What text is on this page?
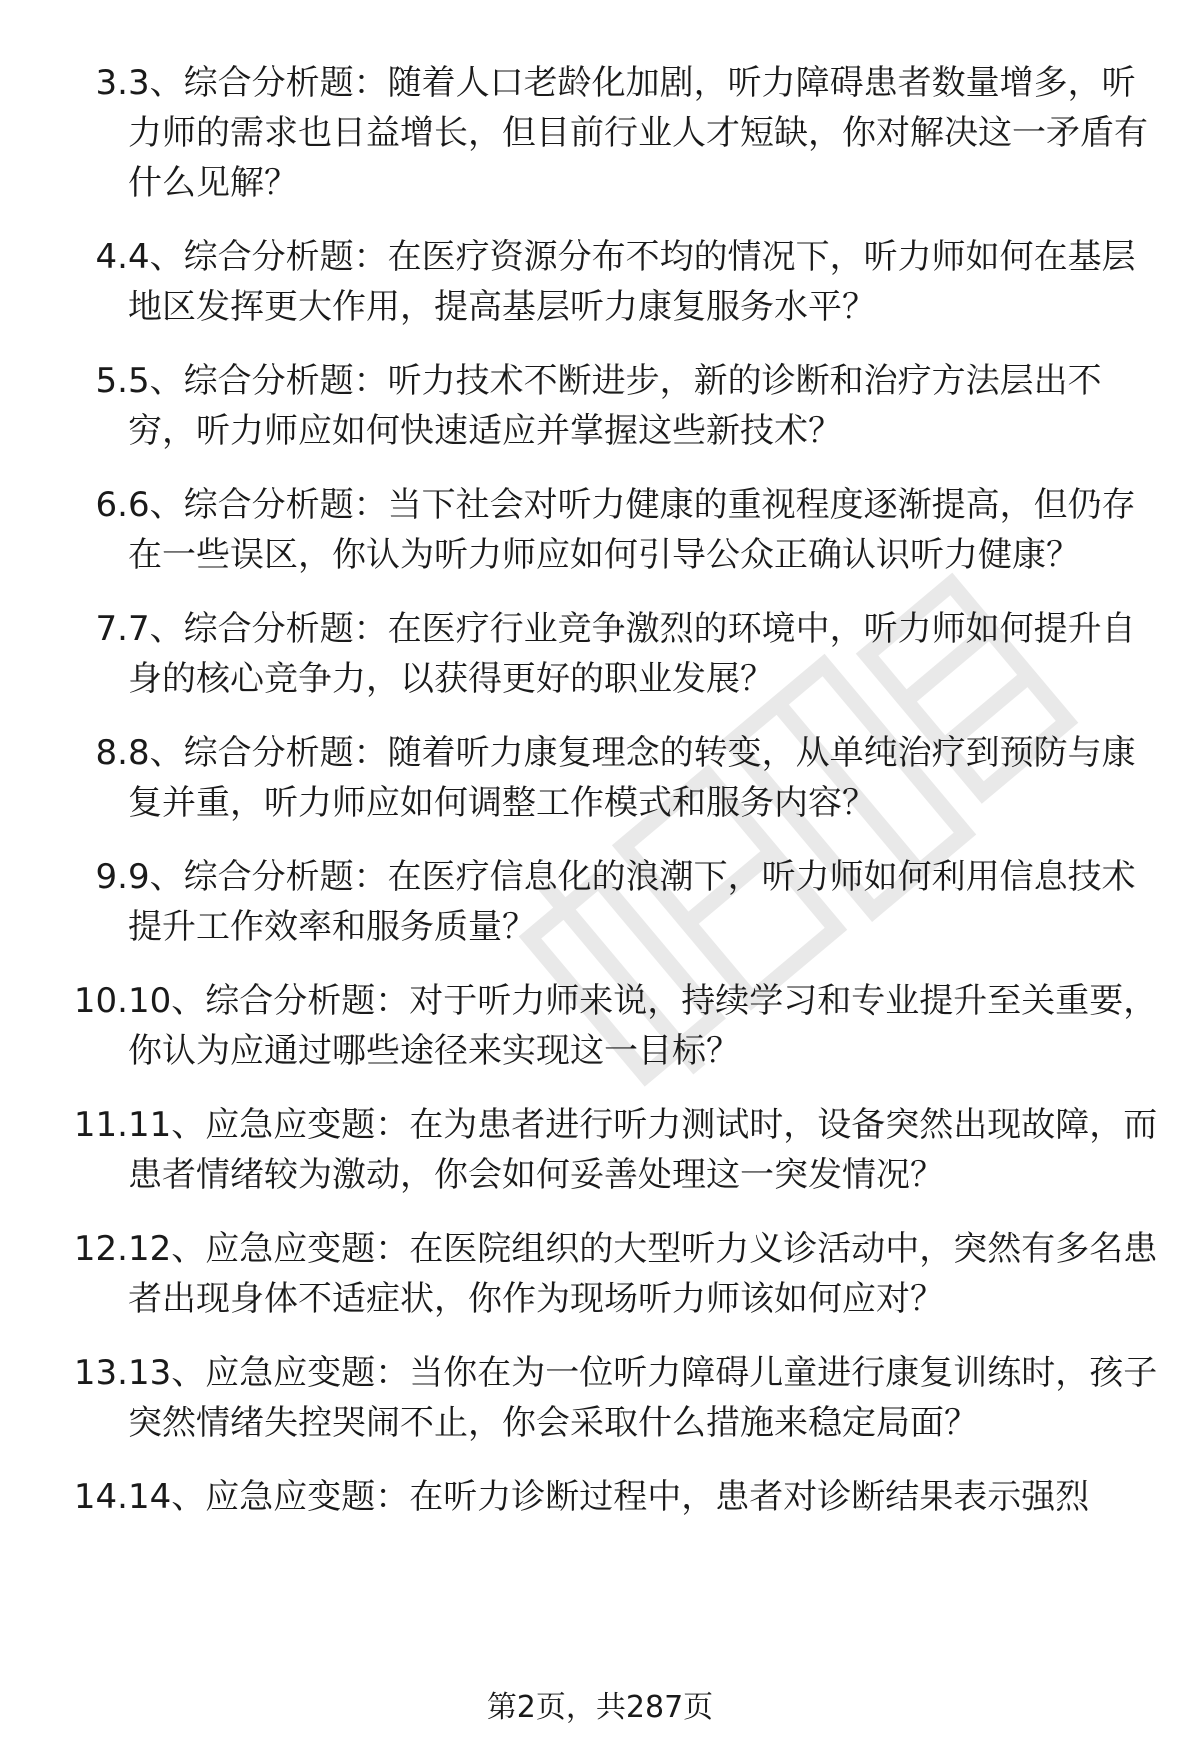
3. 3、综合分析题：随着人口老龄化加剧，听力障碍患者数量增多，听力师的需求也日益增长，但目前行业人才短缺，你对解决这一矛盾有什么见解？
4. 4、综合分析题：在医疗资源分布不均的情况下，听力师如何在基层地区发挥更大作用，提高基层听力康复服务水平？
5. 5、综合分析题：听力技术不断进步，新的诊断和治疗方法层出不穷，听力师应如何快速适应并掌握这些新技术？
6. 6、综合分析题：当下社会对听力健康的重视程度逐渐提高，但仍存在一些误区，你认为听力师应如何引导公众正确认识听力健康？
7. 7、综合分析题：在医疗行业竞争激烈的环境中，听力师如何提升自身的核心竞争力，以获得更好的职业发展？
8. 8、综合分析题：随着听力康复理念的转变，从单纯治疗到预防与康复并重，听力师应如何调整工作模式和服务内容？
9. 9、综合分析题：在医疗信息化的浪潮下，听力师如何利用信息技术提升工作效率和服务质量？
10. 10、综合分析题：对于听力师来说，持续学习和专业提升至关重要，你认为应通过哪些途径来实现这一目标？
11. 11、应急应变题：在为患者进行听力测试时，设备突然出现故障，而患者情绪较为激动，你会如何妥善处理这一突发情况？
12. 12、应急应变题：在医院组织的大型听力义诊活动中，突然有多名患者出现身体不适症状，你作为现场听力师该如何应对？
13. 13、应急应变题：当你在为一位听力障碍儿童进行康复训练时，孩子突然情绪失控哭闹不止，你会采取什么措施来稳定局面？
14. 14、应急应变题：在听力诊断过程中，患者对诊断结果表示强烈
第2页，共287页
